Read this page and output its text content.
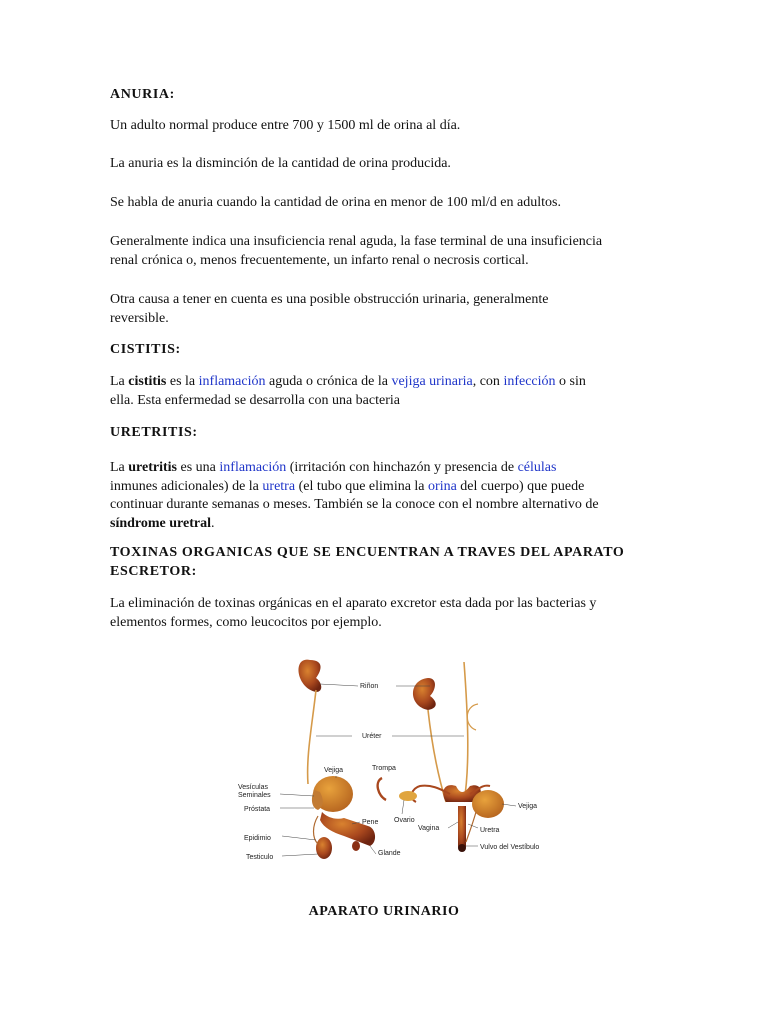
ANURIA:
Un adulto normal produce entre 700 y 1500 ml de orina al día.
La anuria es la disminción de la cantidad de orina producida.
Se habla de anuria cuando la cantidad de orina en menor de 100 ml/d en adultos.
Generalmente indica una insuficiencia renal aguda, la fase terminal de una insuficiencia
renal crónica o, menos frecuentemente, un infarto renal o necrosis cortical.
Otra causa a tener en cuenta es una posible obstrucción urinaria, generalmente
reversible.
CISTITIS:
La cistitis es la inflamación aguda o crónica de la vejiga urinaria, con infección o sin
ella. Esta enfermedad se desarrolla con una bacteria
URETRITIS:
La uretritis es una inflamación (irritación con hinchazón y presencia de células
inmunes adicionales) de la uretra (el tubo que elimina la orina del cuerpo) que puede
continuar durante semanas o meses. También se la conoce con el nombre alternativo de
síndrome uretral.
TOXINAS ORGANICAS QUE SE ENCUENTRAN A TRAVES DEL APARATO
ESCRETOR:
La eliminación de toxinas orgánicas en el aparato excretor esta dada por las bacterias y
elementos formes, como leucocitos por ejemplo.
Riñon
Uréter
Vejiga	Trompa
Vesículas
Seminales
Próstata
Pene Ovario
Vagina
Vejiga
Uretra
Epidimio
Testiculo
Glande
Vulvo del Vestíbulo
APARATO URINARIO
